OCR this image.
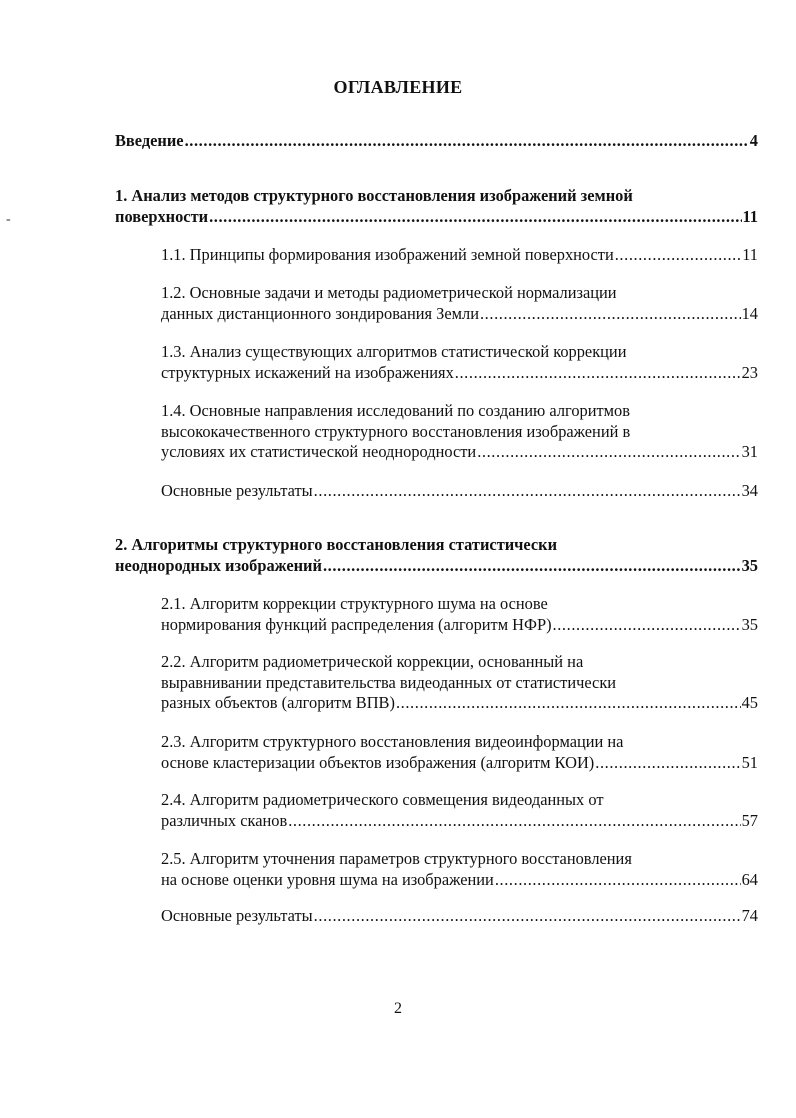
ОГЛАВЛЕНИЕ
-
Введение .....	4
1. Анализ методов структурного восстановления изображений земной
поверхности .....	11
1.1. Принципы формирования изображений земной поверхности .....	11
1.2. Основные задачи и методы радиометрической нормализации
данных дистанционного зондирования Земли .....	14
1.3. Анализ существующих алгоритмов статистической коррекции
структурных искажений на изображениях .....	23
1.4. Основные направления исследований по созданию алгоритмов
высококачественного структурного восстановления изображений в
условиях их статистической неоднородности .....	31
Основные результаты .....	34
2. Алгоритмы структурного восстановления статистически
неоднородных изображений .....	35
2.1. Алгоритм коррекции структурного шума на основе
нормирования функций распределения (алгоритм НФР) .....	35
2.2. Алгоритм радиометрической коррекции, основанный на
выравнивании представительства видеоданных от статистически
разных объектов (алгоритм ВПВ) .....	45
2.3. Алгоритм структурного восстановления видеоинформации на
основе кластеризации объектов изображения (алгоритм КОИ) .....	51
2.4. Алгоритм радиометрического совмещения видеоданных от
различных сканов .....	57
2.5. Алгоритм уточнения параметров структурного восстановления
на основе оценки уровня шума на изображении .....	64
Основные результаты .....	74
2
